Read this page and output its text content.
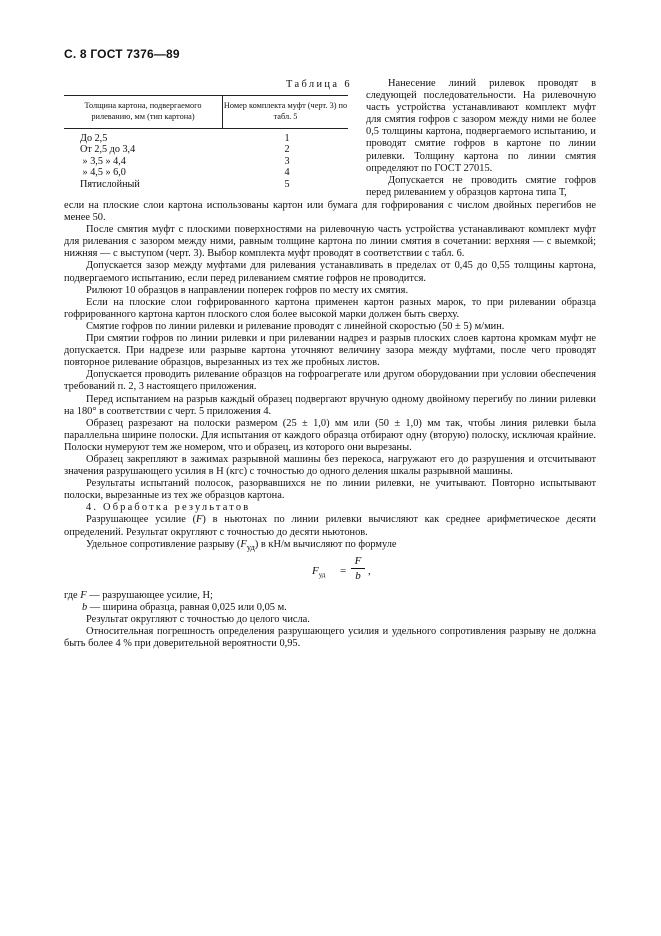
С. 8 ГОСТ 7376—89
Таблица 6
Толщина картона, подвергаемого рилеванию, мм (тип картона)
Номер комплекта муфт (черт. 3) по табл. 5
До 2,5	1
От 2,5 до 3,4	2
» 3,5 » 4,4	3
» 4,5 » 6,0	4
Пятислойный	5

Нанесение линий рилевок проводят в следующей последовательности. На рилевочную часть устройства устанавливают комплект муфт для смятия гофров с зазором между ними не более 0,5 толщины картона, подвергаемого испытанию, и проводят смятие гофров в картоне по линии рилевки. Толщину картона по линии смятия определяют по ГОСТ 27015.

Допускается не проводить смятие гофров перед рилеванием у образцов картона типа Т,

если на плоские слои картона использованы картон или бумага для гофрирования с числом двойных перегибов не менее 50.

После смятия муфт с плоскими поверхностями на рилевочную часть устройства устанавливают комплект муфт для рилевания с зазором между ними, равным толщине картона по линии смятия в сочетании: верхняя — с выемкой; нижняя — с выступом (черт. 3). Выбор комплекта муфт проводят в соответствии с табл. 6.

Допускается зазор между муфтами для рилевания устанавливать в пределах от 0,45 до 0,55 толщины картона, подвергаемого испытанию, если перед рилеванием смятие гофров не проводится.

Рилюют 10 образцов в направлении поперек гофров по месту их смятия.

Если на плоские слои гофрированного картона применен картон разных марок, то при рилевании образца гофрированного картона картон плоского слоя более высокой марки должен быть сверху.

Смятие гофров по линии рилевки и рилевание проводят с линейной скоростью (50 ± 5) м/мин.

При смятии гофров по линии рилевки и при рилевании надрез и разрыв плоских слоев картона кромкам муфт не допускается. При надрезе или разрыве картона уточняют величину зазора между муфтами, после чего проводят повторное рилевание образцов, вырезанных из тех же пробных листов.

Допускается проводить рилевание образцов на гофроагрегате или другом оборудовании при условии обеспечения требований п. 2, 3 настоящего приложения.

Перед испытанием на разрыв каждый образец подвергают вручную одному двойному перегибу по линии рилевки на 180° в соответствии с черт. 5 приложения 4.

Образец разрезают на полоски размером (25 ± 1,0) мм или (50 ± 1,0) мм так, чтобы линия рилевки была параллельна ширине полоски. Для испытания от каждого образца отбирают одну (вторую) полоску, исключая крайние. Полоски нумеруют тем же номером, что и образец, из которого они вырезаны.

Образец закрепляют в зажимах разрывной машины без перекоса, нагружают его до разрушения и отсчитывают значения разрушающего усилия в Н (кгс) с точностью до одного деления шкалы разрывной машины.

Результаты испытаний полосок, разорвавшихся не по линии рилевки, не учитывают. Повторно испытывают полоски, вырезанные из тех же образцов картона.

4. Обработка результатов

Разрушающее усилие (F) в ньютонах по линии рилевки вычисляют как среднее арифметическое десяти определений. Результат округляют с точностью до десяти ньютонов.

Удельное сопротивление разрыву $(F_{уд})$ в кН/м вычисляют по формуле

$F_{уд}$ =
F
b ,

где F — разрушающее усилие, Н;

b — ширина образца, равная 0,025 или 0,05 м.

Результат округляют с точностью до целого числа.

Относительная погрешность определения разрушающего усилия и удельного сопротивления разрыву не должна быть более 4 % при доверительной вероятности 0,95.
